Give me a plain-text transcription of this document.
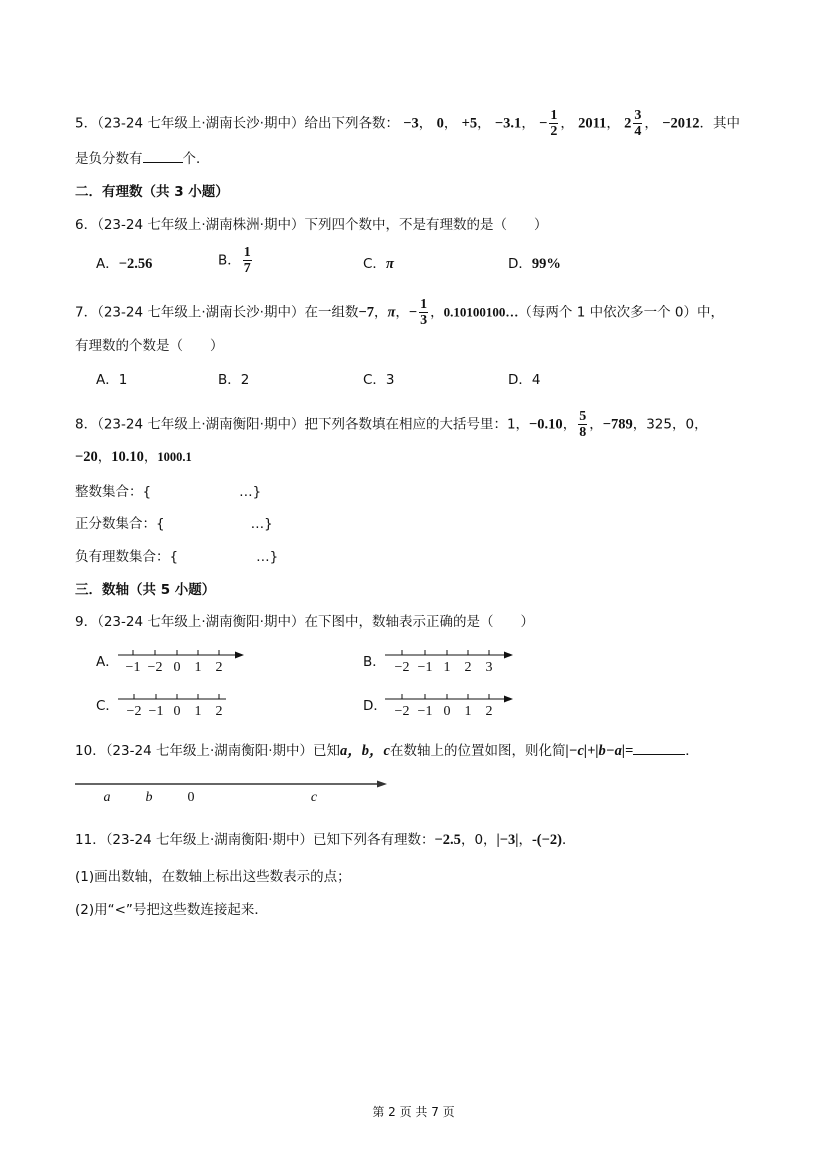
5．（23-24 七年级上·湖南长沙·期中）给出下列各数： −3， 0， +5， −3.1， − $\frac{1}{2}$ ， 2011， $2 \frac{3}{4}$ ， −2012．其中
是负分数有	个．
二．有理数（共 3 小题）
6．（23-24 七年级上·湖南株洲·期中）下列四个数中，不是有理数的是（　　）
A．−2.56	B． $\frac{1}{7}$	C．π	D．99%
7．（23-24 七年级上·湖南长沙·期中）在一组数−7，π，− $\frac{1}{3}$ ，0.10100100…（每两个 1 中依次多一个 0）中，
有理数的个数是（　　）
A．1	B．2	C．3	D．4
8．（23-24 七年级上·湖南衡阳·期中）把下列各数填在相应的大括号里：1，−0.10， $\frac{5}{8}$ ，−789，325，0，
−20，10.10，1000.1
整数集合：{	…}
正分数集合：{	…}
负有理数集合：{	…}
三．数轴（共 5 小题）
9．（23-24 七年级上·湖南衡阳·期中）在下图中，数轴表示正确的是（　　）
A． −1 −2 0 1 2	B． −2 −1 1 2 3
C． −2 −1 0 1 2	D． −2 −1 0 1 2
10．（23-24 七年级上·湖南衡阳·期中）已知a，b，c在数轴上的位置如图，则化简|−c|+|b−a|=	．
a	b	0	c
11．（23-24 七年级上·湖南衡阳·期中）已知下列各有理数：−2.5，0，|−3|，-(−2)．
(1)画出数轴，在数轴上标出这些数表示的点；
(2)用“<”号把这些数连接起来．
第 2 页 共 7 页
